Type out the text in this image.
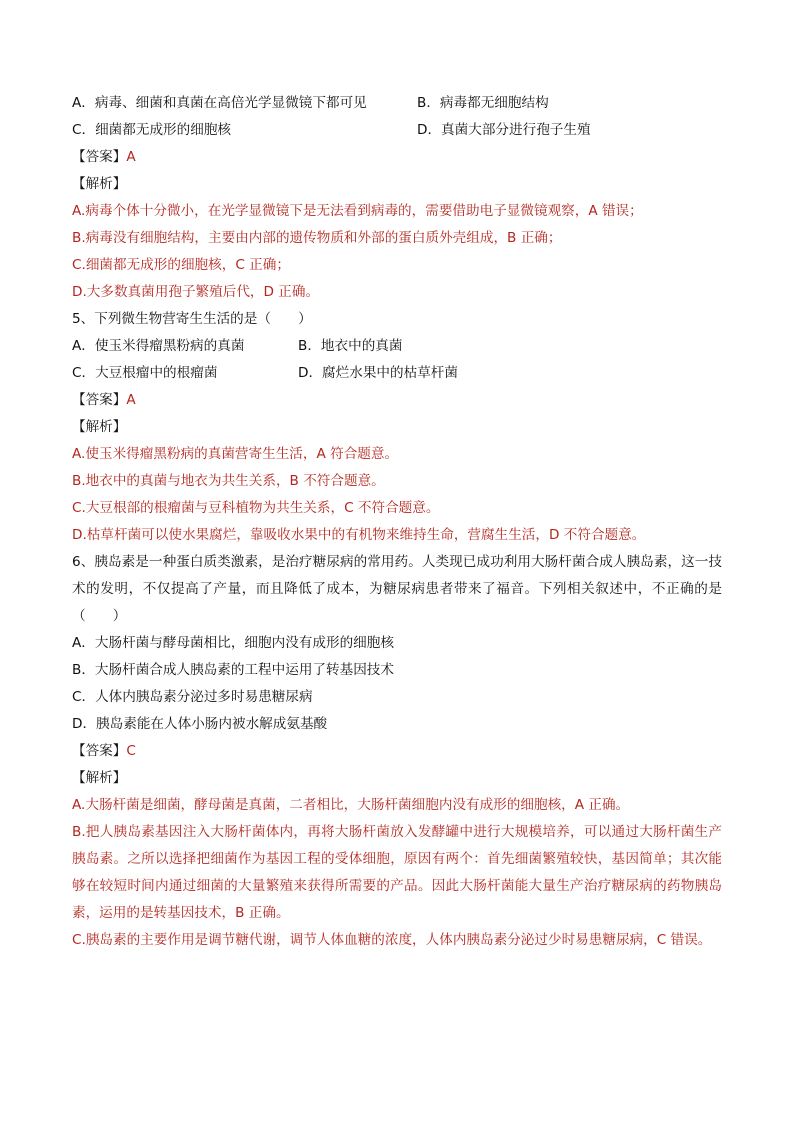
A．病毒、细菌和真菌在高倍光学显微镜下都可见	B．病毒都无细胞结构
C．细菌都无成形的细胞核	D．真菌大部分进行孢子生殖
【答案】A
【解析】
A.病毒个体十分微小，在光学显微镜下是无法看到病毒的，需要借助电子显微镜观察，A 错误；
B.病毒没有细胞结构，主要由内部的遗传物质和外部的蛋白质外壳组成，B 正确；
C.细菌都无成形的细胞核，C 正确；
D.大多数真菌用孢子繁殖后代，D 正确。
5、下列微生物营寄生生活的是（　　）
A．使玉米得瘤黑粉病的真菌	B．地衣中的真菌
C．大豆根瘤中的根瘤菌	D．腐烂水果中的枯草杆菌
【答案】A
【解析】
A.使玉米得瘤黑粉病的真菌营寄生生活，A 符合题意。
B.地衣中的真菌与地衣为共生关系，B 不符合题意。
C.大豆根部的根瘤菌与豆科植物为共生关系，C 不符合题意。
D.枯草杆菌可以使水果腐烂，靠吸收水果中的有机物来维持生命，营腐生生活，D 不符合题意。
6、胰岛素是一种蛋白质类激素，是治疗糖尿病的常用药。人类现已成功利用大肠杆菌合成人胰岛素，这一技术的发明，不仅提高了产量，而且降低了成本，为糖尿病患者带来了福音。下列相关叙述中，不正确的是（　　）
A．大肠杆菌与酵母菌相比，细胞内没有成形的细胞核
B．大肠杆菌合成人胰岛素的工程中运用了转基因技术
C．人体内胰岛素分泌过多时易患糖尿病
D．胰岛素能在人体小肠内被水解成氨基酸
【答案】C
【解析】
A.大肠杆菌是细菌，酵母菌是真菌，二者相比，大肠杆菌细胞内没有成形的细胞核，A 正确。
B.把人胰岛素基因注入大肠杆菌体内，再将大肠杆菌放入发酵罐中进行大规模培养，可以通过大肠杆菌生产胰岛素。之所以选择把细菌作为基因工程的受体细胞，原因有两个：首先细菌繁殖较快，基因简单；其次能够在较短时间内通过细菌的大量繁殖来获得所需要的产品。因此大肠杆菌能大量生产治疗糖尿病的药物胰岛素，运用的是转基因技术，B 正确。
C.胰岛素的主要作用是调节糖代谢，调节人体血糖的浓度，人体内胰岛素分泌过少时易患糖尿病，C 错误。
